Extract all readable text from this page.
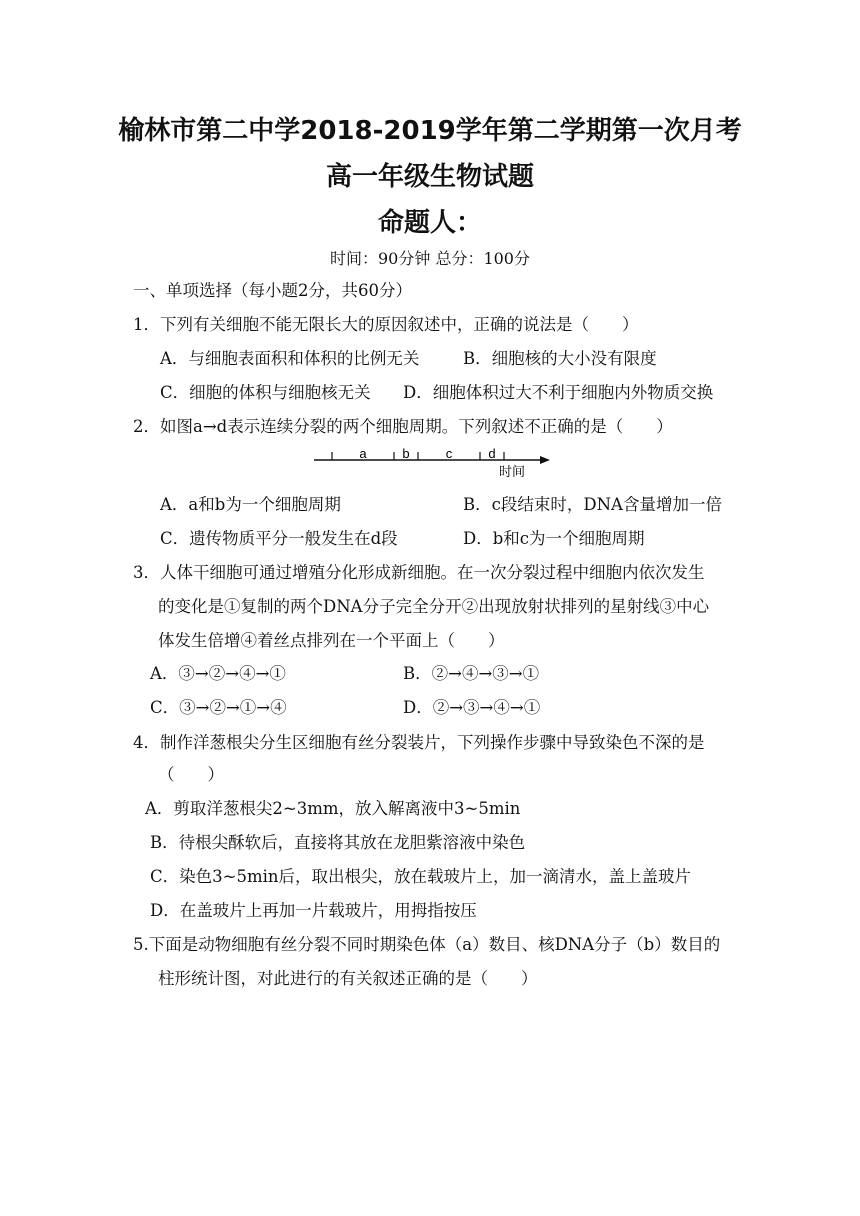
榆林市第二中学2018-2019学年第二学期第一次月考
高一年级生物试题
命题人：
时间：90分钟 总分：100分
一、单项选择（每小题2分，共60分）
1．下列有关细胞不能无限长大的原因叙述中，正确的说法是（　　）
A．与细胞表面积和体积的比例无关	B．细胞核的大小没有限度
C．细胞的体积与细胞核无关 D．细胞体积过大不利于细胞内外物质交换
2．如图a→d表示连续分裂的两个细胞周期。下列叙述不正确的是（　　）
a	b	c	d
时间
A．a和b为一个细胞周期	B．c段结束时，DNA含量增加一倍
C．遗传物质平分一般发生在d段	D．b和c为一个细胞周期
3．人体干细胞可通过增殖分化形成新细胞。在一次分裂过程中细胞内依次发生
的变化是①复制的两个DNA分子完全分开②出现放射状排列的星射线③中心
体发生倍增④着丝点排列在一个平面上（　　）
A．③→②→④→①	B．②→④→③→①
C．③→②→①→④	D．②→③→④→①
4．制作洋葱根尖分生区细胞有丝分裂装片，下列操作步骤中导致染色不深的是
（　　）
A．剪取洋葱根尖2~3mm，放入解离液中3~5min
B．待根尖酥软后，直接将其放在龙胆紫溶液中染色
C．染色3~5min后，取出根尖，放在载玻片上，加一滴清水，盖上盖玻片
D．在盖玻片上再加一片载玻片，用拇指按压
5.下面是动物细胞有丝分裂不同时期染色体（a）数目、核DNA分子（b）数目的
柱形统计图，对此进行的有关叙述正确的是（　　）
